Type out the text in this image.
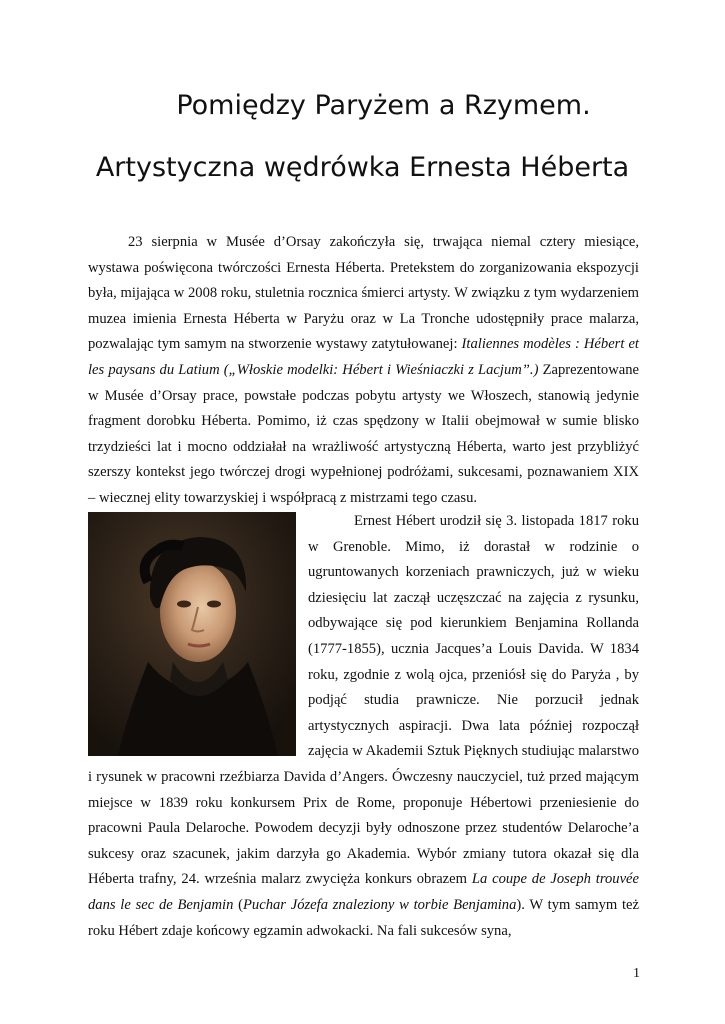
Pomiędzy Paryżem a Rzymem.
Artystyczna wędrówka Ernesta Héberta

23 sierpnia w Musée d’Orsay zakończyła się, trwająca niemal cztery miesiące, wystawa poświęcona twórczości Ernesta Héberta. Pretekstem do zorganizowania ekspozycji była, mijająca w 2008 roku, stuletnia rocznica śmierci artysty. W związku z tym wydarzeniem muzea imienia Ernesta Héberta w Paryżu oraz w La Tronche udostępniły prace malarza, pozwalając tym samym na stworzenie wystawy zatytułowanej: Italiennes modèles : Hébert et les paysans du Latium („Włoskie modelki: Hébert i Wieśniaczki z Lacjum”.) Zaprezentowane w Musée d’Orsay prace, powstałe podczas pobytu artysty we Włoszech, stanowią jedynie fragment dorobku Héberta. Pomimo, iż czas spędzony w Italii obejmował w sumie blisko trzydzieści lat i mocno oddziałał na wrażliwość artystyczną Héberta, warto jest przybliżyć szerszy kontekst jego twórczej drogi wypełnionej podróżami, sukcesami, poznawaniem XIX – wiecznej elity towarzyskiej i współpracą z mistrzami tego czasu.

Ernest Hébert urodził się 3. listopada 1817 roku w Grenoble. Mimo, iż dorastał w rodzinie o ugruntowanych korzeniach prawniczych, już w wieku dziesięciu lat zaczął uczęszczać na zajęcia z rysunku, odbywające się pod kierunkiem Benjamina Rollanda (1777-1855), ucznia Jacques’a Louis Davida. W 1834 roku, zgodnie z wolą ojca, przeniósł się do Paryża , by podjąć studia prawnicze. Nie porzucił jednak artystycznych aspiracji. Dwa lata później rozpoczął zajęcia w Akademii Sztuk Pięknych studiując malarstwo i rysunek w pracowni rzeźbiarza Davida d’Angers. Ówczesny nauczyciel, tuż przed mającym miejsce w 1839 roku konkursem Prix de Rome, proponuje Hébertowi przeniesienie do pracowni Paula Delaroche. Powodem decyzji były odnoszone przez studentów Delaroche’a sukcesy oraz szacunek, jakim darzyła go Akademia. Wybór zmiany tutora okazał się dla Héberta trafny, 24. września malarz zwycięża konkurs obrazem La coupe de Joseph trouvée dans le sec de Benjamin (Puchar Józefa znaleziony w torbie Benjamina). W tym samym też roku Hébert zdaje końcowy egzamin adwokacki. Na fali sukcesów syna,
1
